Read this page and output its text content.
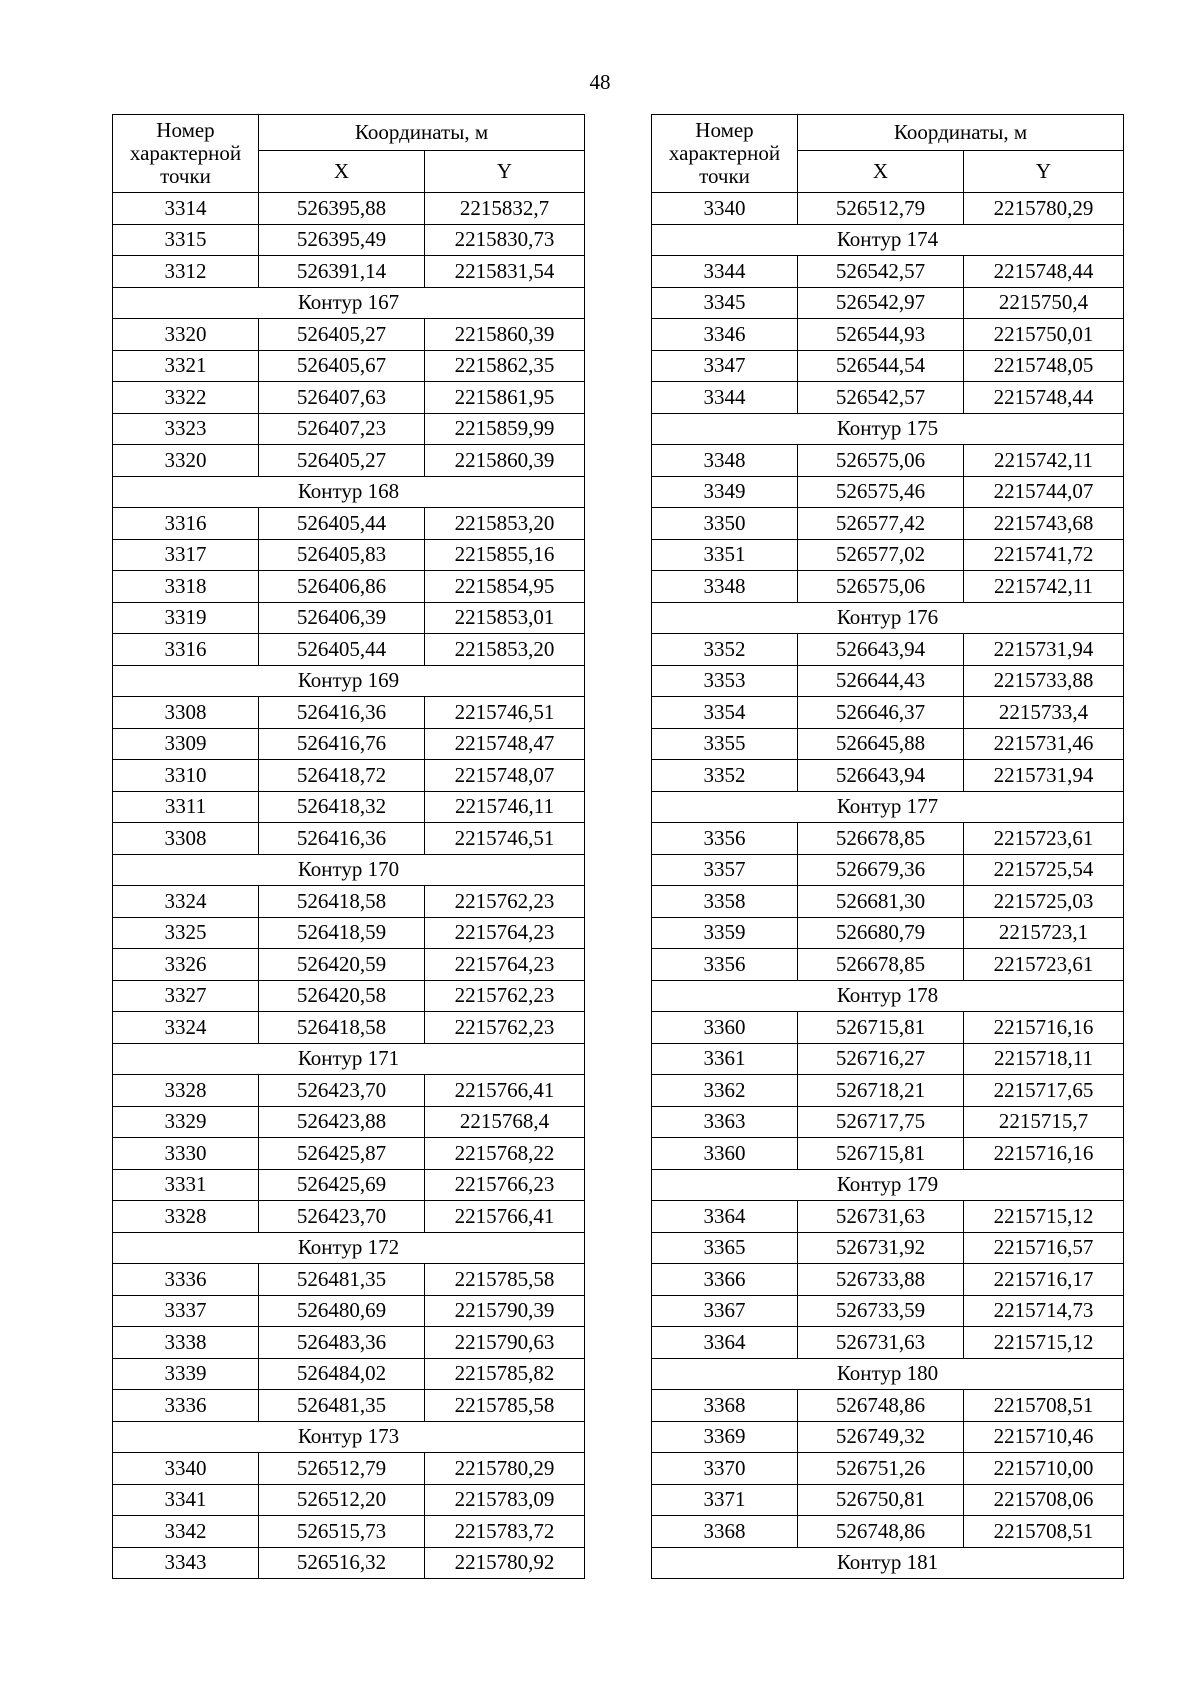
48
Номер характерной точки	Координаты, м	
	X	Y
3314	526395,88	2215832,7
3315	526395,49	2215830,73
3312	526391,14	2215831,54
Контур 167		
3320	526405,27	2215860,39
3321	526405,67	2215862,35
3322	526407,63	2215861,95
3323	526407,23	2215859,99
3320	526405,27	2215860,39
Контур 168		
3316	526405,44	2215853,20
3317	526405,83	2215855,16
3318	526406,86	2215854,95
3319	526406,39	2215853,01
3316	526405,44	2215853,20
Контур 169		
3308	526416,36	2215746,51
3309	526416,76	2215748,47
3310	526418,72	2215748,07
3311	526418,32	2215746,11
3308	526416,36	2215746,51
Контур 170		
3324	526418,58	2215762,23
3325	526418,59	2215764,23
3326	526420,59	2215764,23
3327	526420,58	2215762,23
3324	526418,58	2215762,23
Контур 171		
3328	526423,70	2215766,41
3329	526423,88	2215768,4
3330	526425,87	2215768,22
3331	526425,69	2215766,23
3328	526423,70	2215766,41
Контур 172		
3336	526481,35	2215785,58
3337	526480,69	2215790,39
3338	526483,36	2215790,63
3339	526484,02	2215785,82
3336	526481,35	2215785,58
Контур 173		
3340	526512,79	2215780,29
3341	526512,20	2215783,09
3342	526515,73	2215783,72
3343	526516,32	2215780,92
Номер характерной точки	Координаты, м	
	X	Y
3340	526512,79	2215780,29
Контур 174		
3344	526542,57	2215748,44
3345	526542,97	2215750,4
3346	526544,93	2215750,01
3347	526544,54	2215748,05
3344	526542,57	2215748,44
Контур 175		
3348	526575,06	2215742,11
3349	526575,46	2215744,07
3350	526577,42	2215743,68
3351	526577,02	2215741,72
3348	526575,06	2215742,11
Контур 176		
3352	526643,94	2215731,94
3353	526644,43	2215733,88
3354	526646,37	2215733,4
3355	526645,88	2215731,46
3352	526643,94	2215731,94
Контур 177		
3356	526678,85	2215723,61
3357	526679,36	2215725,54
3358	526681,30	2215725,03
3359	526680,79	2215723,1
3356	526678,85	2215723,61
Контур 178		
3360	526715,81	2215716,16
3361	526716,27	2215718,11
3362	526718,21	2215717,65
3363	526717,75	2215715,7
3360	526715,81	2215716,16
Контур 179		
3364	526731,63	2215715,12
3365	526731,92	2215716,57
3366	526733,88	2215716,17
3367	526733,59	2215714,73
3364	526731,63	2215715,12
Контур 180		
3368	526748,86	2215708,51
3369	526749,32	2215710,46
3370	526751,26	2215710,00
3371	526750,81	2215708,06
3368	526748,86	2215708,51
Контур 181		
